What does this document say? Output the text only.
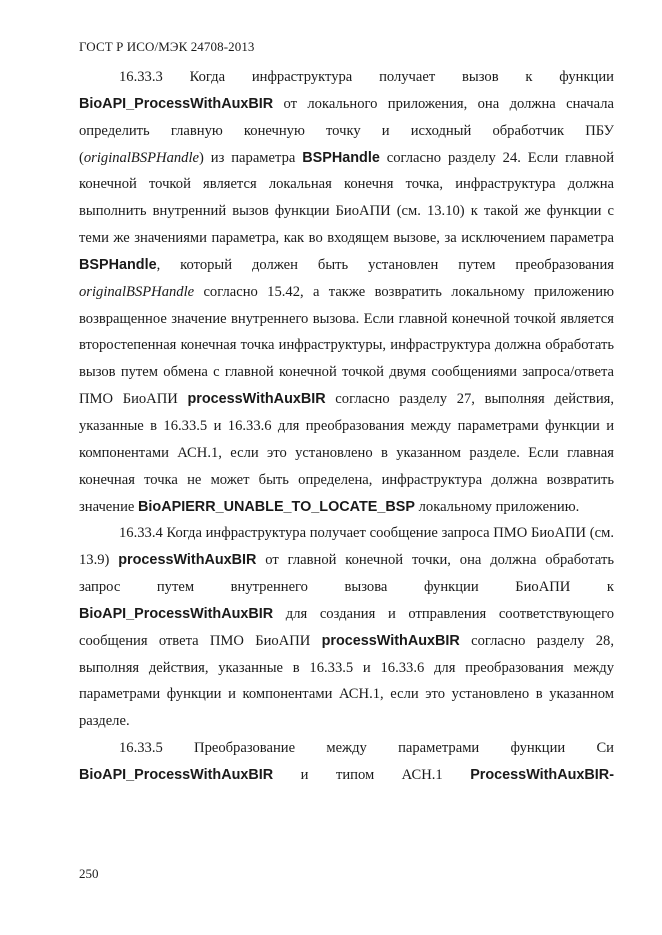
ГОСТ Р ИСО/МЭК 24708-2013

16.33.3 Когда инфраструктура получает вызов к функции BioAPI_ProcessWithAuxBIR от локального приложения, она должна сначала определить главную конечную точку и исходный обработчик ПБУ (originalBSPHandle) из параметра BSPHandle согласно разделу 24. Если главной конечной точкой является локальная конечня точка, инфраструктура должна выполнить внутренний вызов функции БиоАПИ (см. 13.10) к такой же функции с теми же значениями параметра, как во входящем вызове, за исключением параметра BSPHandle, который должен быть установлен путем преобразования originalBSPHandle согласно 15.42, а также возвратить локальному приложению возвращенное значение внутреннего вызова. Если главной конечной точкой является второстепенная конечная точка инфраструктуры, инфраструктура должна обработать вызов путем обмена с главной конечной точкой двумя сообщениями запроса/ответа ПМО БиоАПИ processWithAuxBIR согласно разделу 27, выполняя действия, указанные в 16.33.5 и 16.33.6 для преобразования между параметрами функции и компонентами АСН.1, если это установлено в указанном разделе. Если главная конечная точка не может быть определена, инфраструктура должна возвратить значение BioAPIERR_UNABLE_TO_LOCATE_BSP локальному приложению.

16.33.4 Когда инфраструктура получает сообщение запроса ПМО БиоАПИ (см. 13.9) processWithAuxBIR от главной конечной точки, она должна обработать запрос путем внутреннего вызова функции БиоАПИ к BioAPI_ProcessWithAuxBIR для создания и отправления соответствующего сообщения ответа ПМО БиоАПИ processWithAuxBIR согласно разделу 28, выполняя действия, указанные в 16.33.5 и 16.33.6 для преобразования между параметрами функции и компонентами АСН.1, если это установлено в указанном разделе.

16.33.5 Преобразование между параметрами функции Си BioAPI_ProcessWithAuxBIR и типом АСН.1 ProcessWithAuxBIR-

250
